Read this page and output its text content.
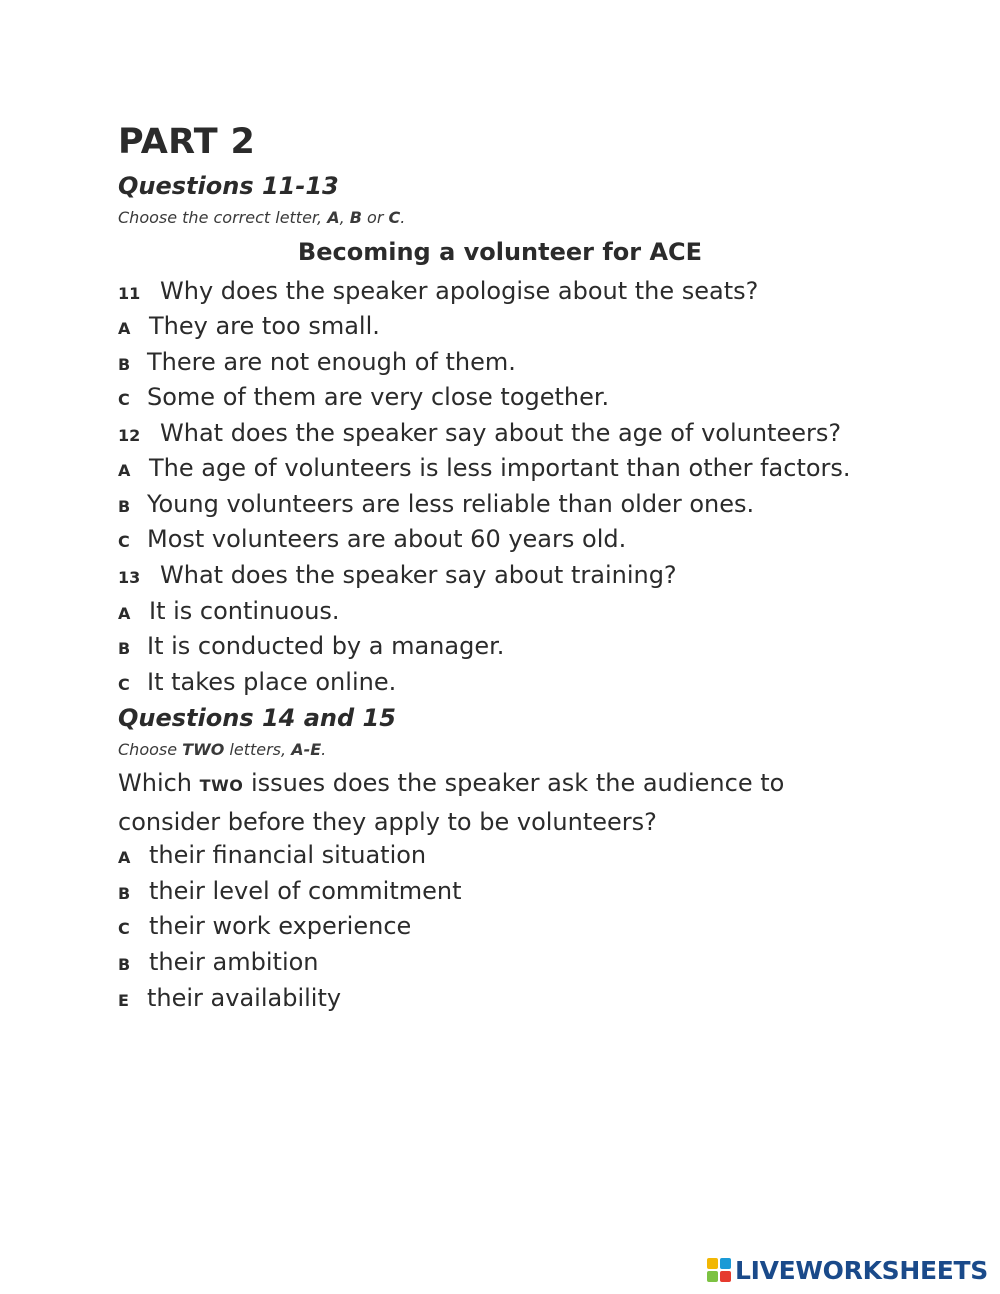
PART 2
Questions 11-13

Choose the correct letter, A, B or C.

Becoming a volunteer for ACE
11 Why does the speaker apologise about the seats?
A They are too small.
B There are not enough of them.
C Some of them are very close together.
12 What does the speaker say about the age of volunteers?
A The age of volunteers is less important than other factors.
B Young volunteers are less reliable than older ones.
C Most volunteers are about 60 years old.
13 What does the speaker say about training?
A It is continuous.
B It is conducted by a manager.
C It takes place online.
Questions 14 and 15

Choose TWO letters, A-E.

Which TWO issues does the speaker ask the audience to consider before they apply to be volunteers?

A their financial situation
B their level of commitment
C their work experience
B their ambition
E their availability
LIVEWORKSHEETS
